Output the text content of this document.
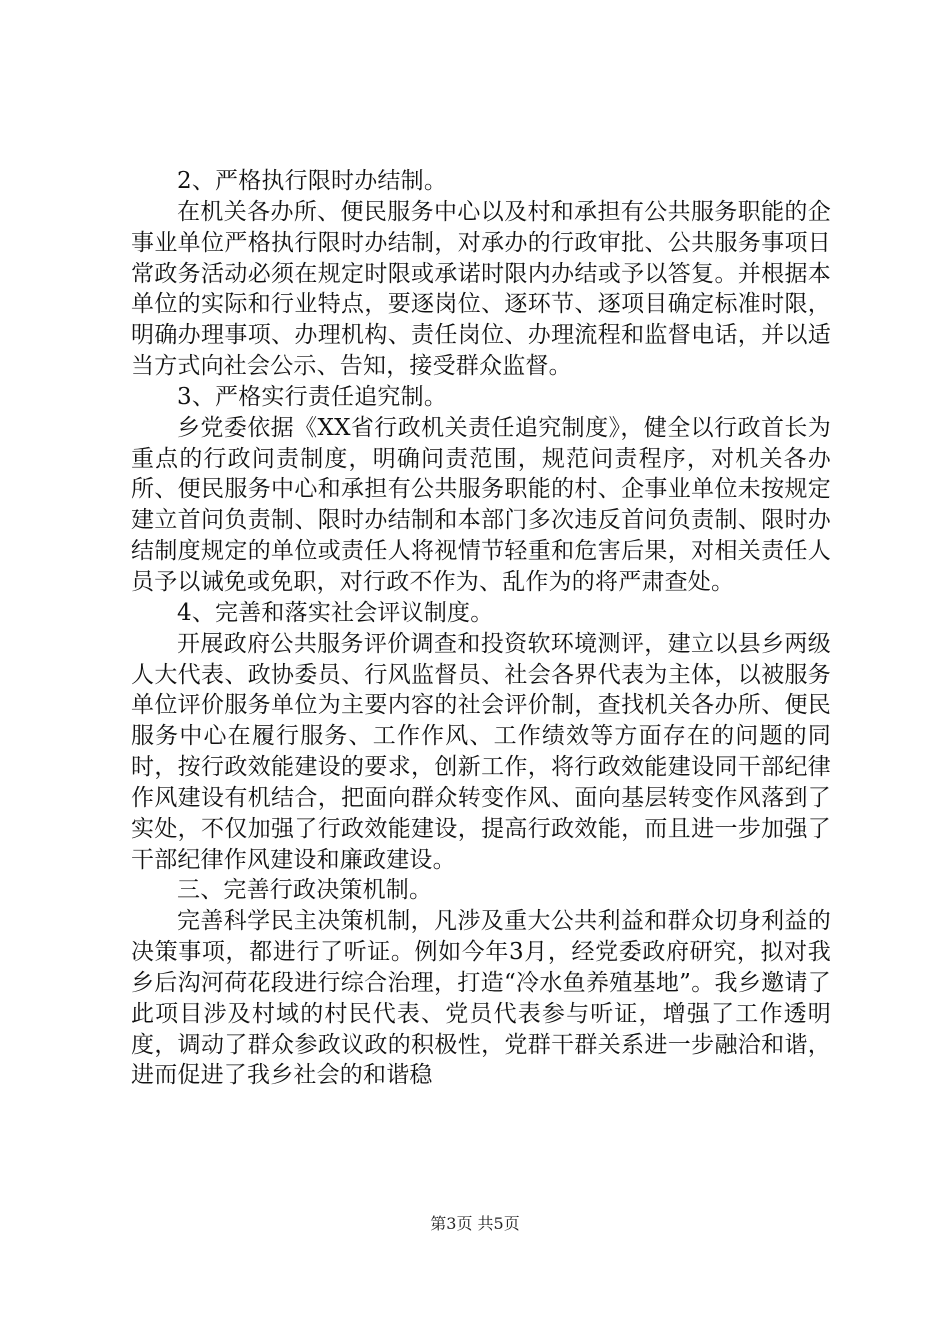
2、严格执行限时办结制。

在机关各办所、便民服务中心以及村和承担有公共服务职能的企事业单位严格执行限时办结制，对承办的行政审批、公共服务事项日常政务活动必须在规定时限或承诺时限内办结或予以答复。并根据本单位的实际和行业特点，要逐岗位、逐环节、逐项目确定标准时限，明确办理事项、办理机构、责任岗位、办理流程和监督电话，并以适当方式向社会公示、告知，接受群众监督。

3、严格实行责任追究制。

乡党委依据《XX省行政机关责任追究制度》，健全以行政首长为重点的行政问责制度，明确问责范围，规范问责程序，对机关各办所、便民服务中心和承担有公共服务职能的村、企事业单位未按规定建立首问负责制、限时办结制和本部门多次违反首问负责制、限时办结制度规定的单位或责任人将视情节轻重和危害后果，对相关责任人员予以诫免或免职，对行政不作为、乱作为的将严肃查处。

4、完善和落实社会评议制度。

开展政府公共服务评价调查和投资软环境测评，建立以县乡两级人大代表、政协委员、行风监督员、社会各界代表为主体，以被服务单位评价服务单位为主要内容的社会评价制，查找机关各办所、便民服务中心在履行服务、工作作风、工作绩效等方面存在的问题的同时，按行政效能建设的要求，创新工作，将行政效能建设同干部纪律作风建设有机结合，把面向群众转变作风、面向基层转变作风落到了实处，不仅加强了行政效能建设，提高行政效能，而且进一步加强了干部纪律作风建设和廉政建设。

三、完善行政决策机制。

完善科学民主决策机制，凡涉及重大公共利益和群众切身利益的决策事项，都进行了听证。例如今年3月，经党委政府研究，拟对我乡后沟河荷花段进行综合治理，打造“冷水鱼养殖基地”。我乡邀请了此项目涉及村域的村民代表、党员代表参与听证，增强了工作透明度，调动了群众参政议政的积极性，党群干群关系进一步融洽和谐，进而促进了我乡社会的和谐稳

第3页 共5页
